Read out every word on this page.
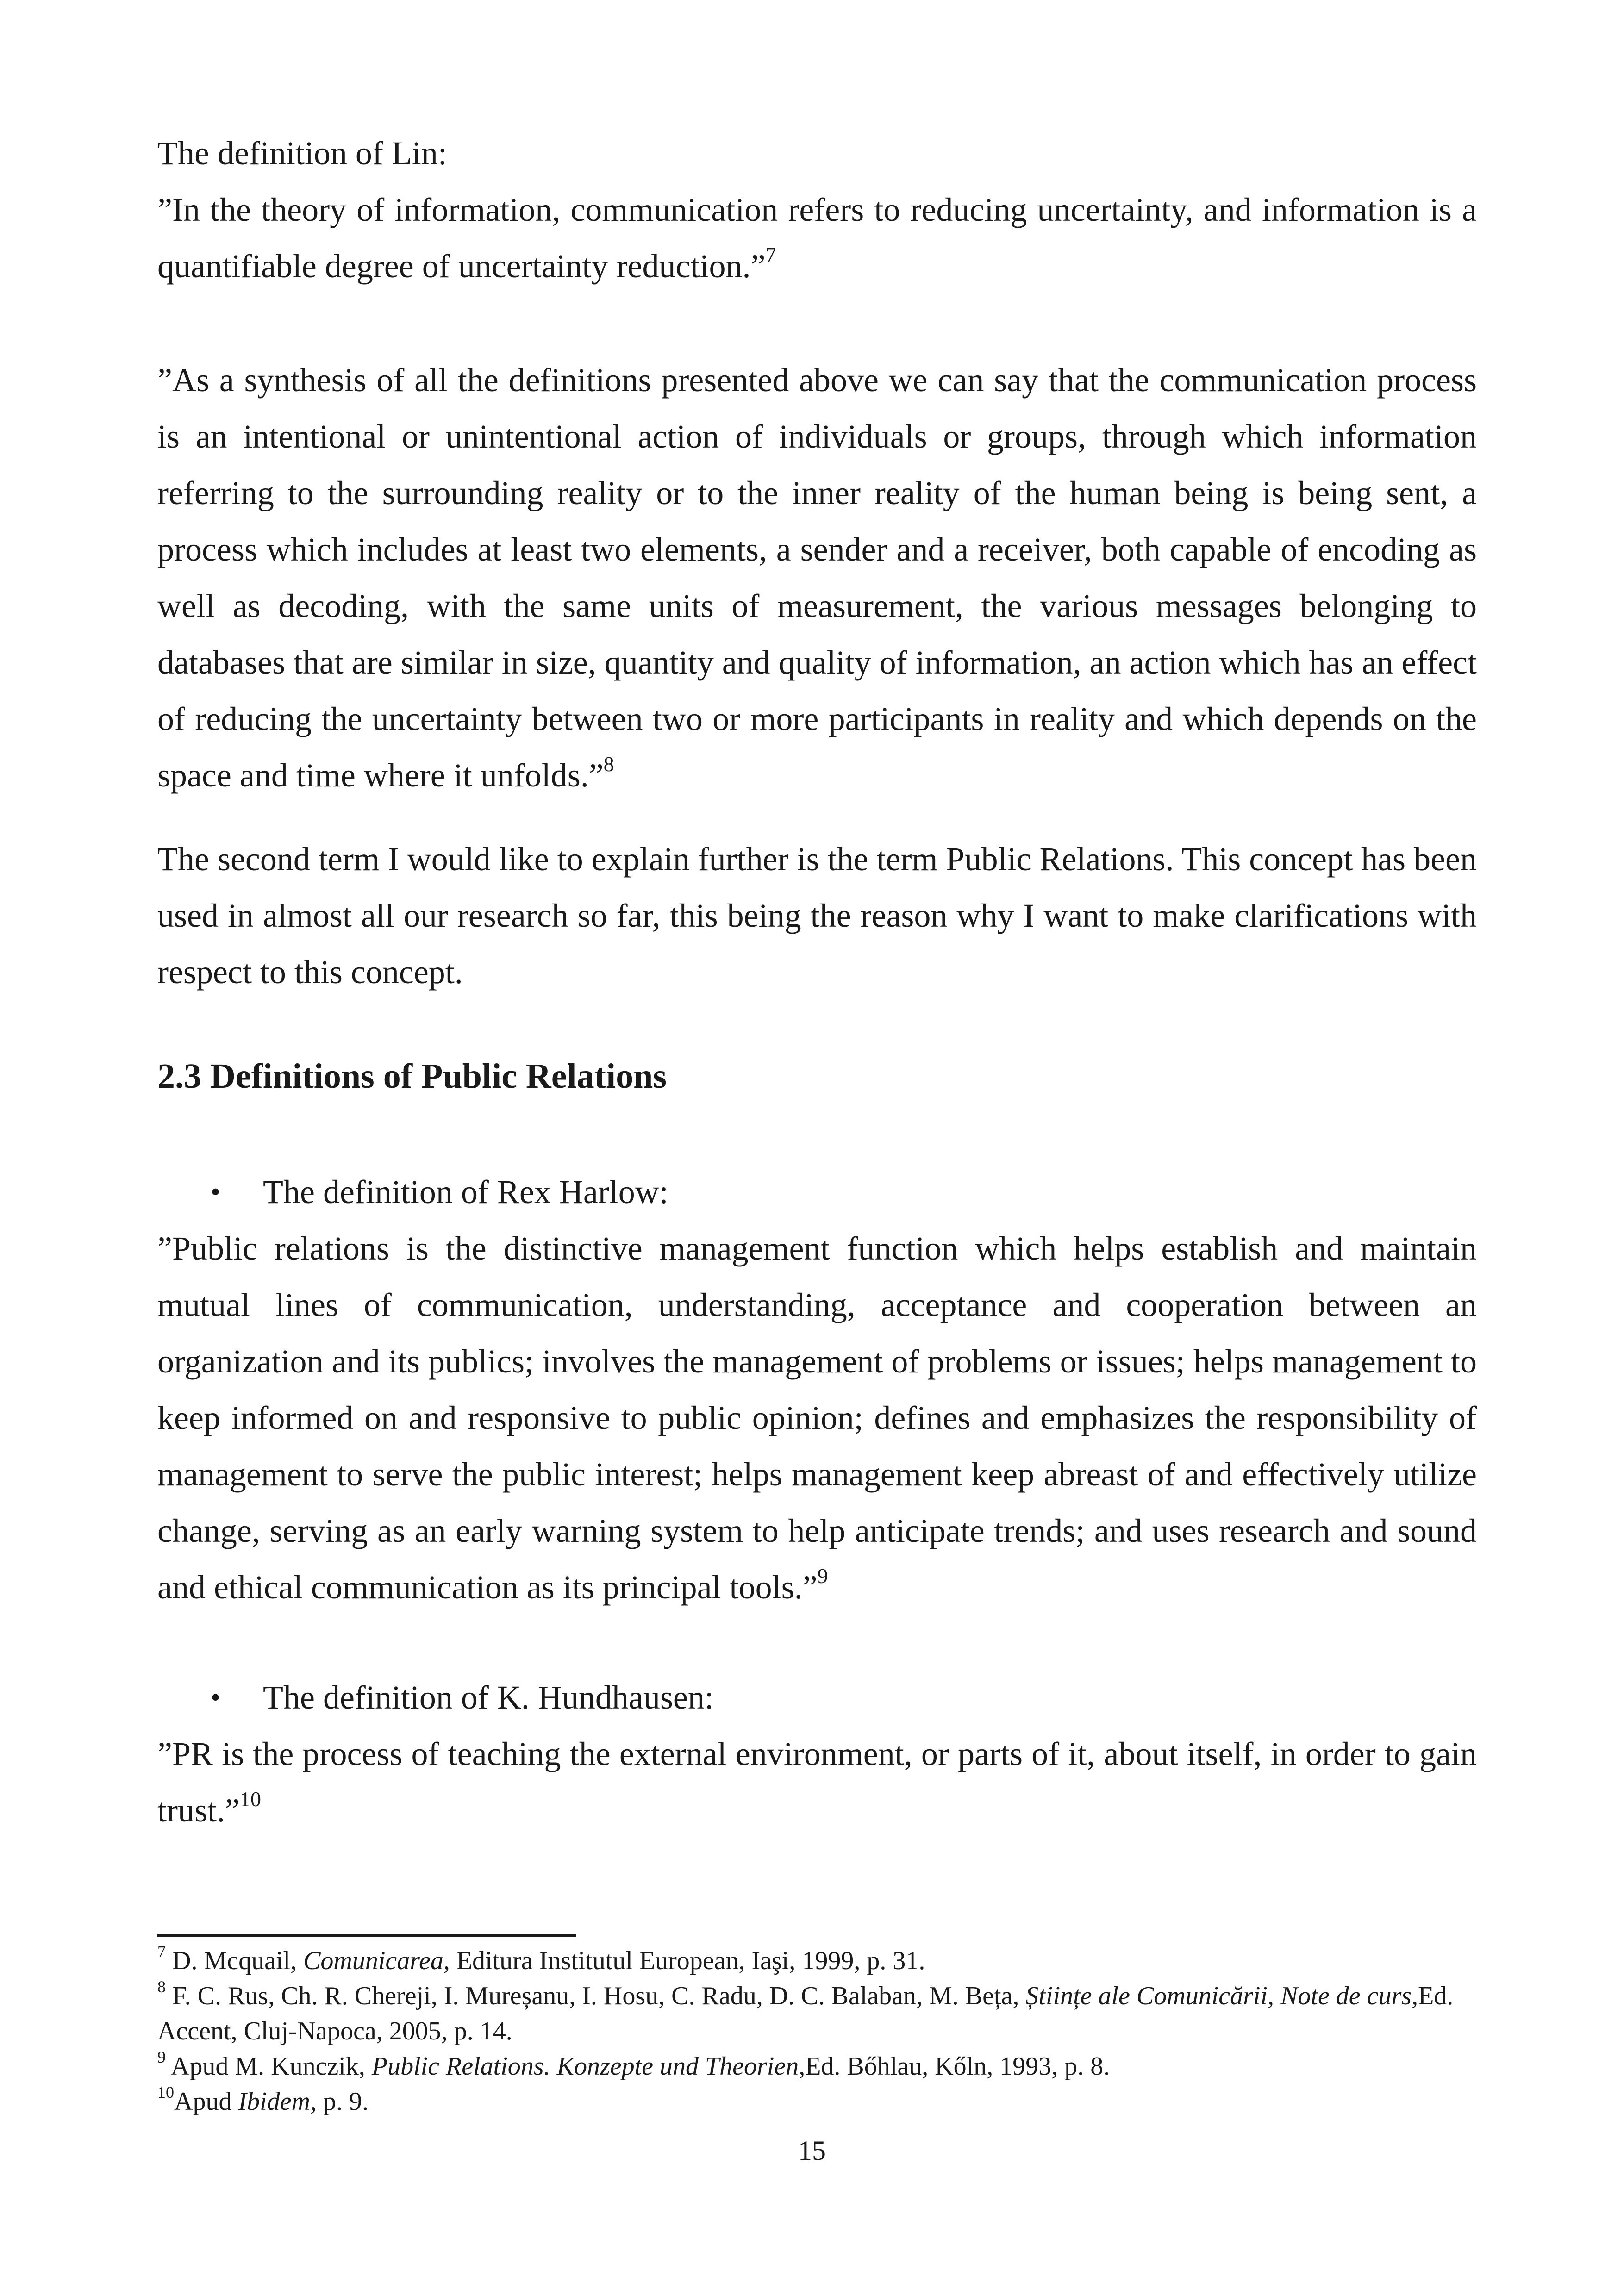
The definition of Lin:

”In the theory of information, communication refers to reducing uncertainty, and information is a quantifiable degree of uncertainty reduction.”$^7$

”As a synthesis of all the definitions presented above we can say that the communication process is an intentional or unintentional action of individuals or groups, through which information referring to the surrounding reality or to the inner reality of the human being is being sent, a process which includes at least two elements, a sender and a receiver, both capable of encoding as well as decoding, with the same units of measurement, the various messages belonging to databases that are similar in size, quantity and quality of information, an action which has an effect of reducing the uncertainty between two or more participants in reality and which depends on the space and time where it unfolds.”$^8$

The second term I would like to explain further is the term Public Relations. This concept has been used in almost all our research so far, this being the reason why I want to make clarifications with respect to this concept.

2.3 Definitions of Public Relations
• The definition of Rex Harlow:

”Public relations is the distinctive management function which helps establish and maintain mutual lines of communication, understanding, acceptance and cooperation between an organization and its publics; involves the management of problems or issues; helps management to keep informed on and responsive to public opinion; defines and emphasizes the responsibility of management to serve the public interest; helps management keep abreast of and effectively utilize change, serving as an early warning system to help anticipate trends; and uses research and sound and ethical communication as its principal tools.”$^9$

• The definition of K. Hundhausen:

”PR is the process of teaching the external environment, or parts of it, about itself, in order to gain trust.”$^{10}$

$^7$ D. Mcquail, Comunicarea, Editura Institutul European, Iaşi, 1999, p. 31.

$^8$ F. C. Rus, Ch. R. Chereji, I. Mureșanu, I. Hosu, C. Radu, D. C. Balaban, M. Bețа, Științe ale Comunicării, Note de curs,Ed. Accent, Cluj-Napoca, 2005, p. 14.

$^9$ Apud M. Kunczik, Public Relations. Konzepte und Theorien,Ed. Bőhlau, Kőln, 1993, p. 8.

$^{10}$Apud Ibidem, p. 9.

15
